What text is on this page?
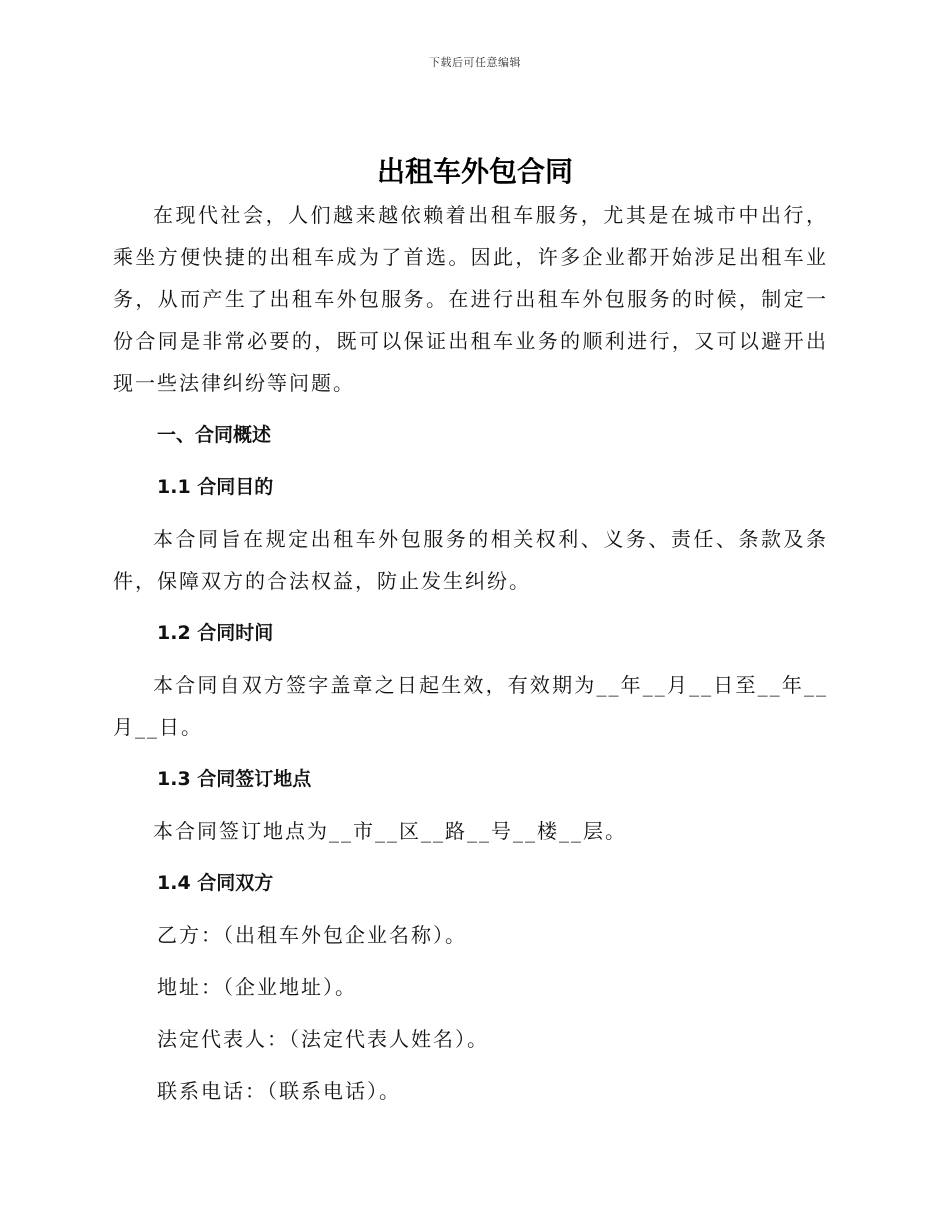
下载后可任意编辑
出租车外包合同

在现代社会，人们越来越依赖着出租车服务，尤其是在城市中出行，乘坐方便快捷的出租车成为了首选。因此，许多企业都开始涉足出租车业务，从而产生了出租车外包服务。在进行出租车外包服务的时候，制定一份合同是非常必要的，既可以保证出租车业务的顺利进行，又可以避开出现一些法律纠纷等问题。

一、合同概述

1.1 合同目的

本合同旨在规定出租车外包服务的相关权利、义务、责任、条款及条件，保障双方的合法权益，防止发生纠纷。

1.2 合同时间

本合同自双方签字盖章之日起生效，有效期为__年__月__日至__年__月__日。

1.3 合同签订地点

本合同签订地点为__市__区__路__号__楼__层。

1.4 合同双方

乙方：（出租车外包企业名称）。

地址：（企业地址）。

法定代表人：（法定代表人姓名）。

联系电话：（联系电话）。
